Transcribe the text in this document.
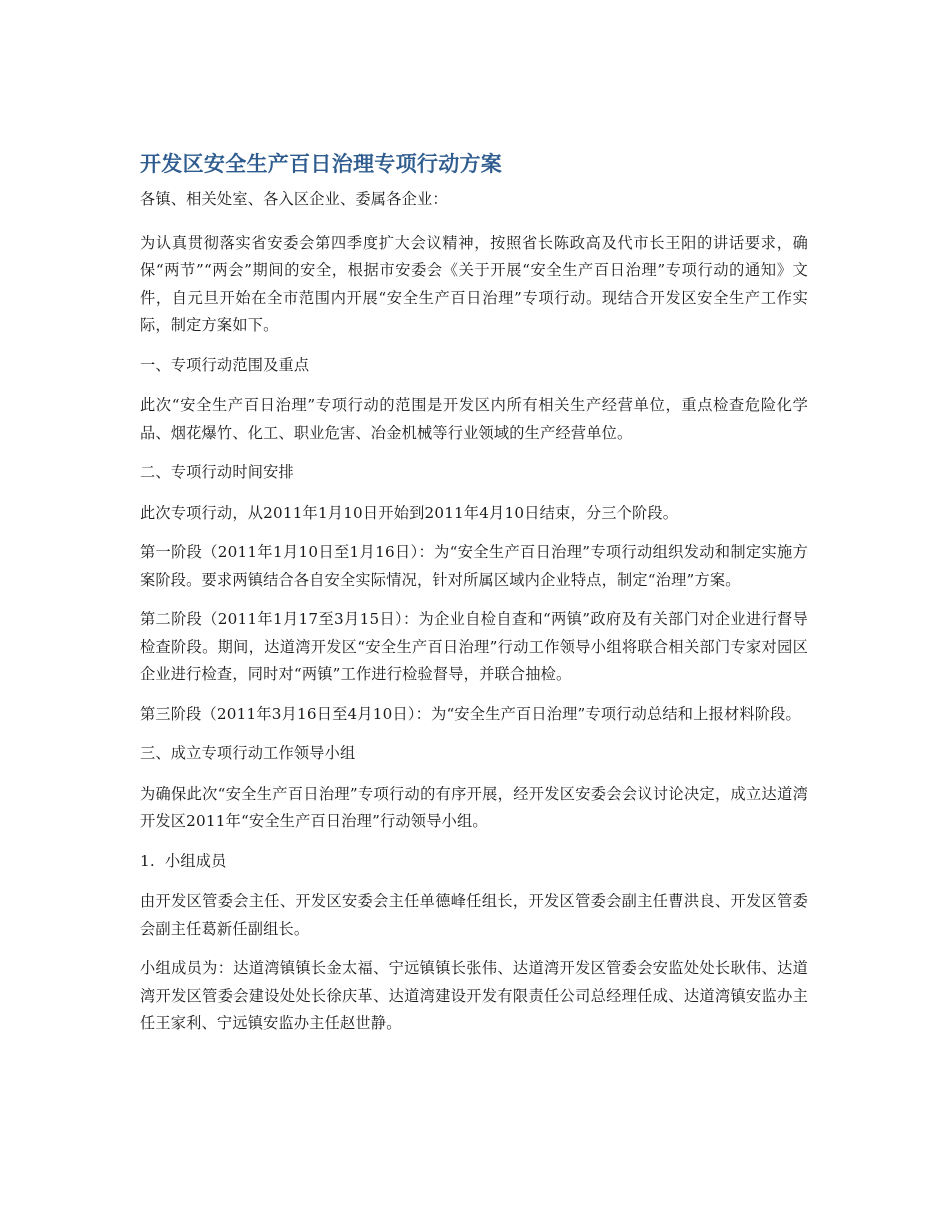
开发区安全生产百日治理专项行动方案
各镇、相关处室、各入区企业、委属各企业：
为认真贯彻落实省安委会第四季度扩大会议精神，按照省长陈政高及代市长王阳的讲话要求，确保“两节”“两会”期间的安全，根据市安委会《关于开展“安全生产百日治理”专项行动的通知》文件，自元旦开始在全市范围内开展“安全生产百日治理”专项行动。现结合开发区安全生产工作实际，制定方案如下。
一、专项行动范围及重点
此次“安全生产百日治理”专项行动的范围是开发区内所有相关生产经营单位，重点检查危险化学品、烟花爆竹、化工、职业危害、冶金机械等行业领域的生产经营单位。
二、专项行动时间安排
此次专项行动，从2011年1月10日开始到2011年4月10日结束，分三个阶段。
第一阶段（2011年1月10日至1月16日）：为“安全生产百日治理”专项行动组织发动和制定实施方案阶段。要求两镇结合各自安全实际情况，针对所属区域内企业特点，制定“治理”方案。
第二阶段（2011年1月17至3月15日）：为企业自检自查和“两镇”政府及有关部门对企业进行督导检查阶段。期间，达道湾开发区“安全生产百日治理”行动工作领导小组将联合相关部门专家对园区企业进行检查，同时对“两镇”工作进行检验督导，并联合抽检。
第三阶段（2011年3月16日至4月10日）：为“安全生产百日治理”专项行动总结和上报材料阶段。
三、成立专项行动工作领导小组
为确保此次“安全生产百日治理”专项行动的有序开展，经开发区安委会会议讨论决定，成立达道湾开发区2011年“安全生产百日治理”行动领导小组。
1.  小组成员
由开发区管委会主任、开发区安委会主任单德峰任组长，开发区管委会副主任曹洪良、开发区管委会副主任葛新任副组长。
小组成员为：达道湾镇镇长金太福、宁远镇镇长张伟、达道湾开发区管委会安监处处长耿伟、达道湾开发区管委会建设处处长徐庆革、达道湾建设开发有限责任公司总经理任成、达道湾镇安监办主任王家利、宁远镇安监办主任赵世静。
